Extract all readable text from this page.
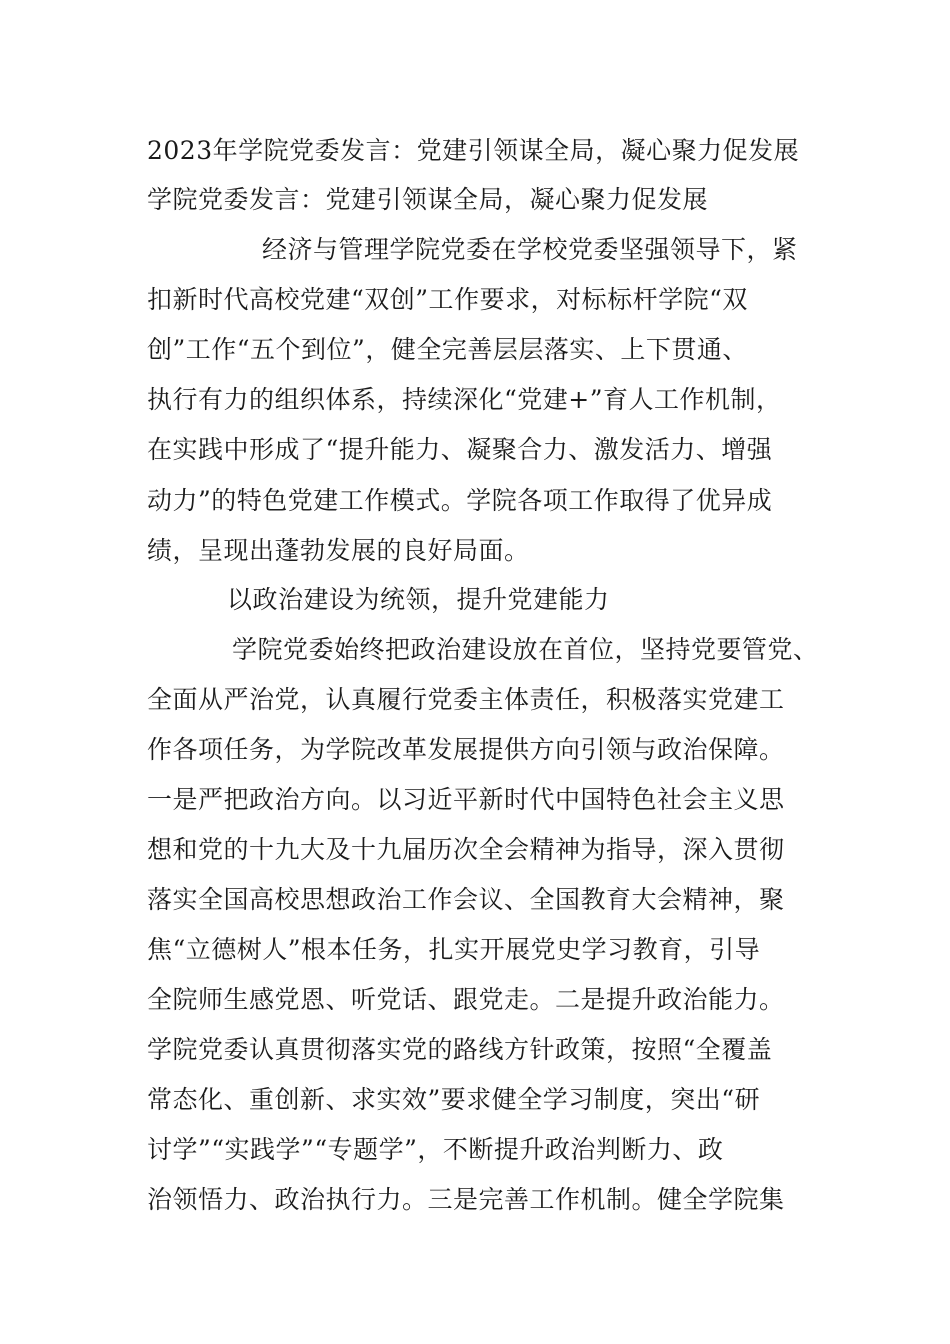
2023年学院党委发言：党建引领谋全局，凝心聚力促发展
学院党委发言：党建引领谋全局，凝心聚力促发展
经济与管理学院党委在学校党委坚强领导下，紧
扣新时代高校党建“双创”工作要求，对标标杆学院“双
创”工作“五个到位”，健全完善层层落实、上下贯通、
执行有力的组织体系，持续深化“党建+”育人工作机制，
在实践中形成了“提升能力、凝聚合力、激发活力、增强
动力”的特色党建工作模式。学院各项工作取得了优异成
绩，呈现出蓬勃发展的良好局面。
以政治建设为统领，提升党建能力
学院党委始终把政治建设放在首位，坚持党要管党、
全面从严治党，认真履行党委主体责任，积极落实党建工
作各项任务，为学院改革发展提供方向引领与政治保障。
一是严把政治方向。以习近平新时代中国特色社会主义思
想和党的十九大及十九届历次全会精神为指导，深入贯彻
落实全国高校思想政治工作会议、全国教育大会精神，聚
焦“立德树人”根本任务，扎实开展党史学习教育，引导
全院师生感党恩、听党话、跟党走。二是提升政治能力。
学院党委认真贯彻落实党的路线方针政策，按照“全覆盖
常态化、重创新、求实效”要求健全学习制度，突出“研
讨学”“实践学”“专题学”，不断提升政治判断力、政
治领悟力、政治执行力。三是完善工作机制。健全学院集
